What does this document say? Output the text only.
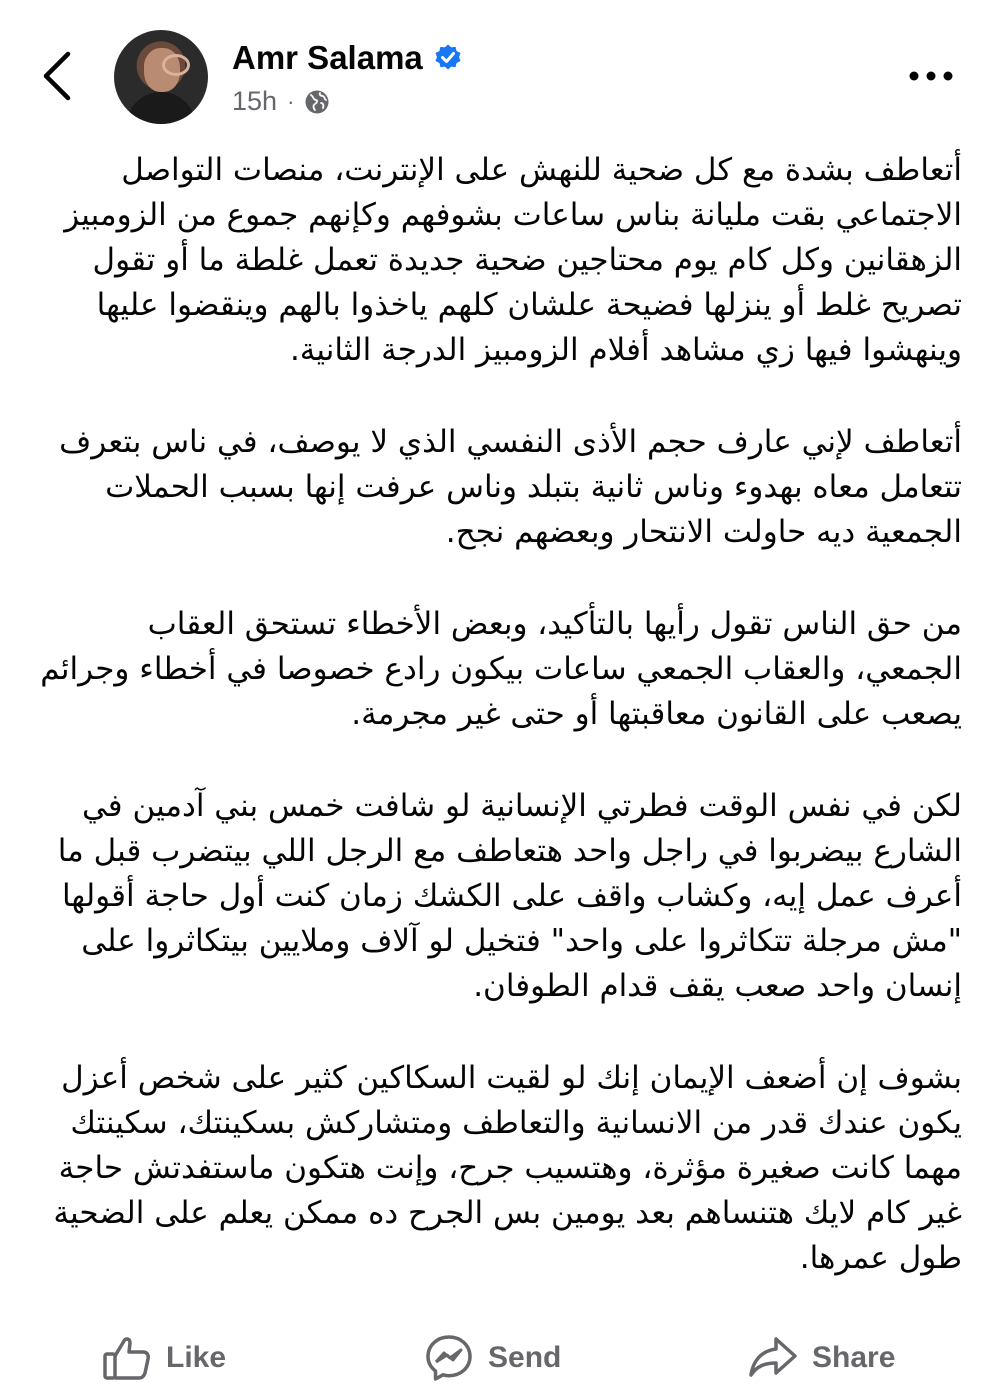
Amr Salama
15h ·

أتعاطف بشدة مع كل ضحية للنهش على الإنترنت، منصات التواصل الاجتماعي بقت مليانة بناس ساعات بشوفهم وكإنهم جموع من الزومبيز الزهقانين وكل كام يوم محتاجين ضحية جديدة تعمل غلطة ما أو تقول تصريح غلط أو ينزلها فضيحة علشان كلهم ياخذوا بالهم وينقضوا عليها وينهشوا فيها زي مشاهد أفلام الزومبيز الدرجة الثانية.

أتعاطف لإني عارف حجم الأذى النفسي الذي لا يوصف، في ناس بتعرف تتعامل معاه بهدوء وناس ثانية بتبلد وناس عرفت إنها بسبب الحملات الجمعية ديه حاولت الانتحار وبعضهم نجح.

من حق الناس تقول رأيها بالتأكيد، وبعض الأخطاء تستحق العقاب الجمعي، والعقاب الجمعي ساعات بيكون رادع خصوصا في أخطاء وجرائم يصعب على القانون معاقبتها أو حتى غير مجرمة.

لكن في نفس الوقت فطرتي الإنسانية لو شافت خمس بني آدمين في الشارع بيضربوا في راجل واحد هتعاطف مع الرجل اللي بيتضرب قبل ما أعرف عمل إيه، وكشاب واقف على الكشك زمان كنت أول حاجة أقولها "مش مرجلة تتكاثروا على واحد" فتخيل لو آلاف وملايين بيتكاثروا على إنسان واحد صعب يقف قدام الطوفان.

بشوف إن أضعف الإيمان إنك لو لقيت السكاكين كثير على شخص أعزل يكون عندك قدر من الانسانية والتعاطف ومتشاركش بسكينتك، سكينتك مهما كانت صغيرة مؤثرة، وهتسيب جرح، وإنت هتكون ماستفدتش حاجة غير كام لايك هتنساهم بعد يومين بس الجرح ده ممكن يعلم على الضحية طول عمرها.

Like	Send	Share
